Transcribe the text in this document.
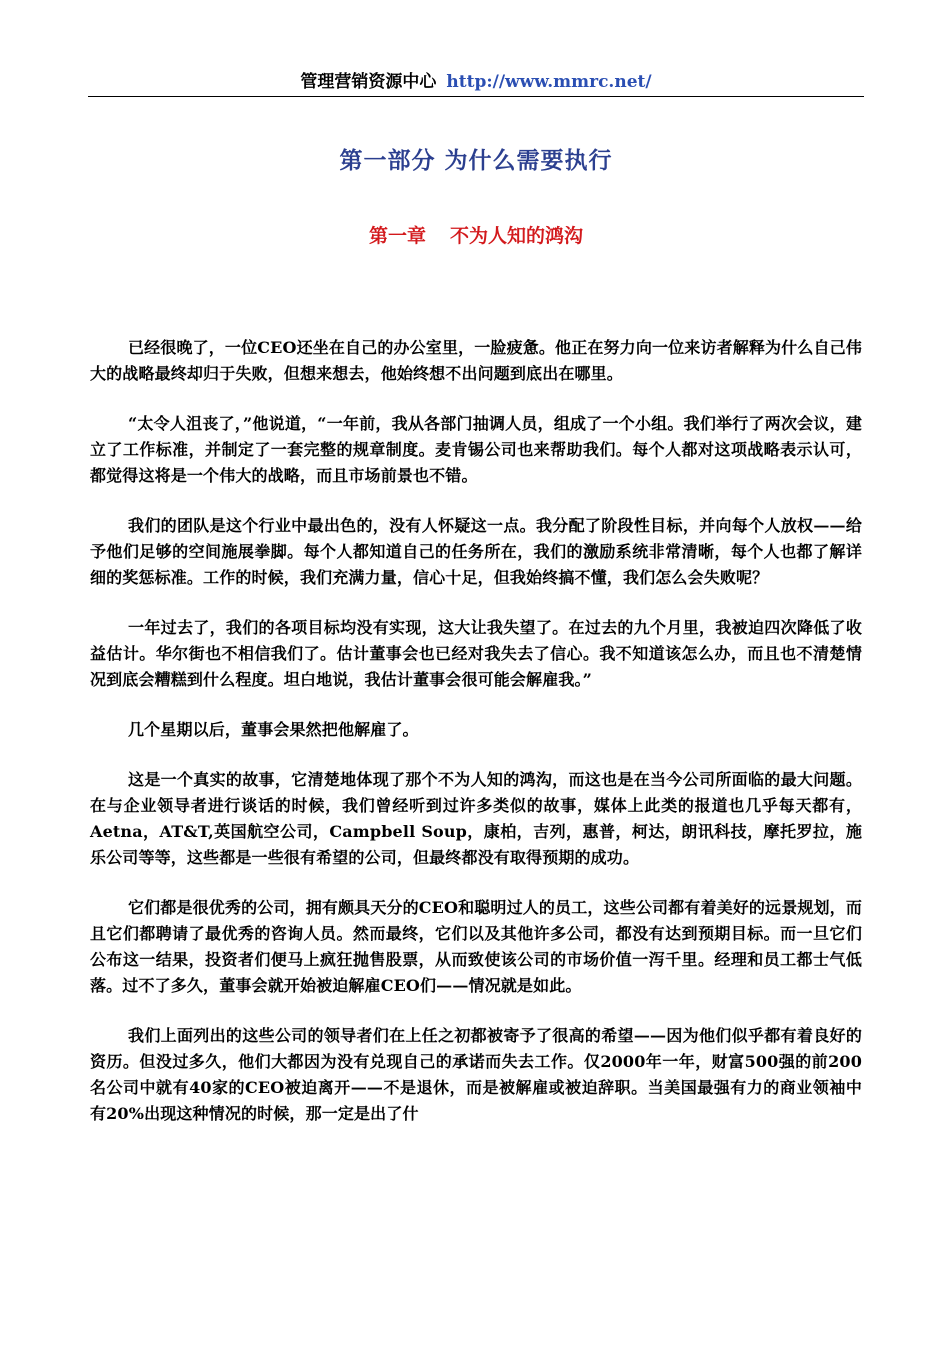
管理营销资源中心 http://www.mmrc.net/
第一部分 为什么需要执行
第一章 不为人知的鸿沟

已经很晚了，一位CEO还坐在自己的办公室里，一脸疲惫。他正在努力向一位来访者解释为什么自己伟大的战略最终却归于失败，但想来想去，他始终想不出问题到底出在哪里。

“太令人沮丧了，”他说道，“一年前，我从各部门抽调人员，组成了一个小组。我们举行了两次会议，建立了工作标准，并制定了一套完整的规章制度。麦肯锡公司也来帮助我们。每个人都对这项战略表示认可，都觉得这将是一个伟大的战略，而且市场前景也不错。

我们的团队是这个行业中最出色的，没有人怀疑这一点。我分配了阶段性目标，并向每个人放权——给予他们足够的空间施展拳脚。每个人都知道自己的任务所在，我们的激励系统非常清晰，每个人也都了解详细的奖惩标准。工作的时候，我们充满力量，信心十足，但我始终搞不懂，我们怎么会失败呢？

一年过去了，我们的各项目标均没有实现，这大让我失望了。在过去的九个月里，我被迫四次降低了收益估计。华尔街也不相信我们了。估计董事会也已经对我失去了信心。我不知道该怎么办，而且也不清楚情况到底会糟糕到什么程度。坦白地说，我估计董事会很可能会解雇我。”

几个星期以后，董事会果然把他解雇了。

这是一个真实的故事，它清楚地体现了那个不为人知的鸿沟，而这也是在当今公司所面临的最大问题。在与企业领导者进行谈话的时候，我们曾经听到过许多类似的故事，媒体上此类的报道也几乎每天都有， Aetna，AT&T,英国航空公司，Campbell Soup，康柏，吉列，惠普，柯达，朗讯科技，摩托罗拉，施乐公司等等，这些都是一些很有希望的公司，但最终都没有取得预期的成功。

它们都是很优秀的公司，拥有颇具天分的CEO和聪明过人的员工，这些公司都有着美好的远景规划，而且它们都聘请了最优秀的咨询人员。然而最终，它们以及其他许多公司，都没有达到预期目标。而一旦它们公布这一结果，投资者们便马上疯狂抛售股票，从而致使该公司的市场价值一泻千里。经理和员工都士气低落。过不了多久，董事会就开始被迫解雇CEO们——情况就是如此。

我们上面列出的这些公司的领导者们在上任之初都被寄予了很高的希望——因为他们似乎都有着良好的资历。但没过多久，他们大都因为没有兑现自己的承诺而失去工作。仅2000年一年，财富500强的前200名公司中就有40家的CEO被迫离开——不是退休，而是被解雇或被迫辞职。当美国最强有力的商业领袖中有20%出现这种情况的时候，那一定是出了什
